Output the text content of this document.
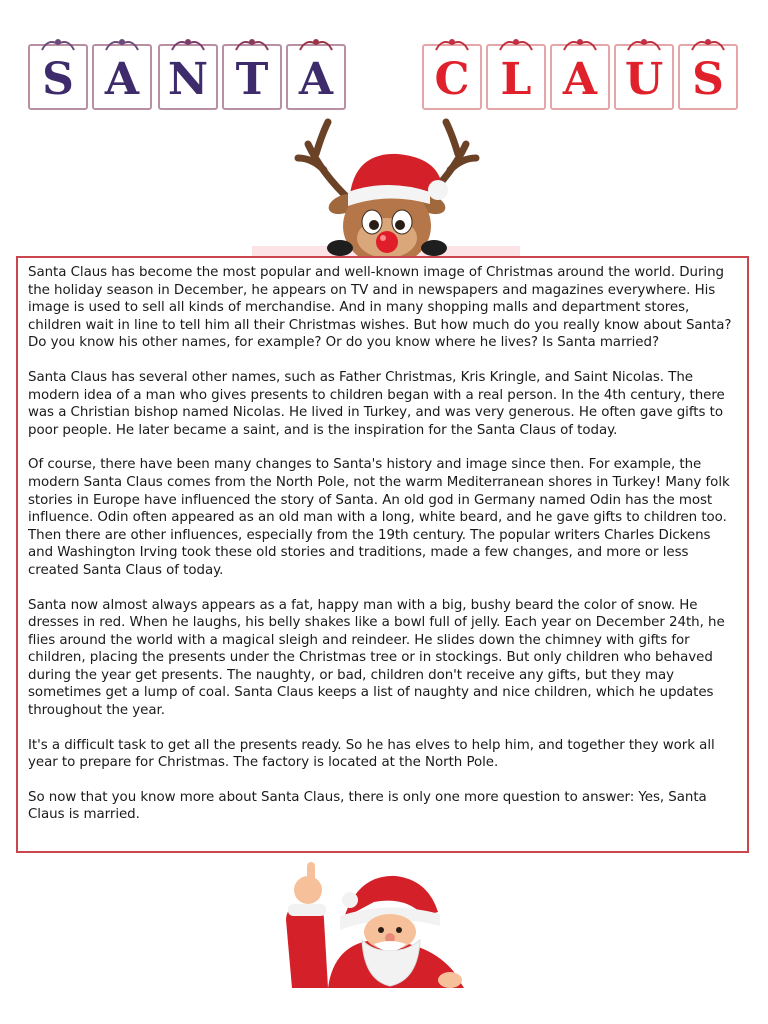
S A N T A C L A U S

Santa Claus has become the most popular and well-known image of Christmas around the world. During the holiday season in December, he appears on TV and in newspapers and magazines everywhere. His image is used to sell all kinds of merchandise. And in many shopping malls and department stores, children wait in line to tell him all their Christmas wishes. But how much do you really know about Santa? Do you know his other names, for example? Or do you know where he lives? Is Santa married?

Santa Claus has several other names, such as Father Christmas, Kris Kringle, and Saint Nicolas. The modern idea of a man who gives presents to children began with a real person. In the 4th century, there was a Christian bishop named Nicolas. He lived in Turkey, and was very generous. He often gave gifts to poor people. He later became a saint, and is the inspiration for the Santa Claus of today.

Of course, there have been many changes to Santa's history and image since then. For example, the modern Santa Claus comes from the North Pole, not the warm Mediterranean shores in Turkey! Many folk stories in Europe have influenced the story of Santa. An old god in Germany named Odin has the most influence. Odin often appeared as an old man with a long, white beard, and he gave gifts to children too. Then there are other influences, especially from the 19th century. The popular writers Charles Dickens and Washington Irving took these old stories and traditions, made a few changes, and more or less created Santa Claus of today.

Santa now almost always appears as a fat, happy man with a big, bushy beard the color of snow. He dresses in red. When he laughs, his belly shakes like a bowl full of jelly. Each year on December 24th, he flies around the world with a magical sleigh and reindeer. He slides down the chimney with gifts for children, placing the presents under the Christmas tree or in stockings. But only children who behaved during the year get presents. The naughty, or bad, children don't receive any gifts, but they may sometimes get a lump of coal. Santa Claus keeps a list of naughty and nice children, which he updates throughout the year.

It's a difficult task to get all the presents ready. So he has elves to help him, and together they work all year to prepare for Christmas. The factory is located at the North Pole.

So now that you know more about Santa Claus, there is only one more question to answer: Yes, Santa Claus is married.
